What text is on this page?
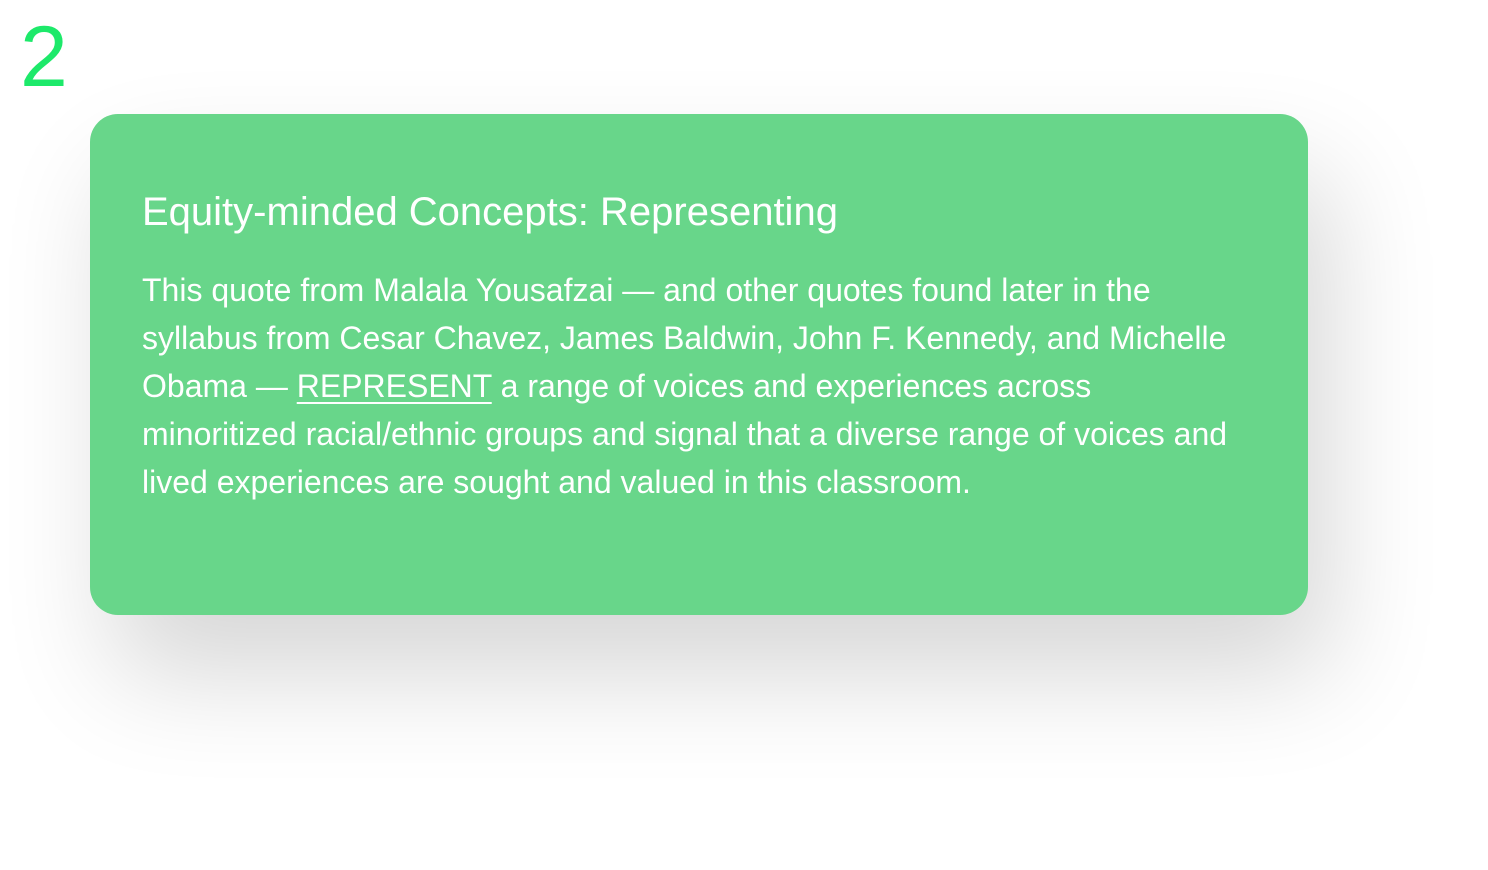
2
Equity-minded Concepts: Representing

This quote from Malala Yousafzai — and other quotes found later in the syllabus from Cesar Chavez, James Baldwin, John F. Kennedy, and Michelle Obama — REPRESENT a range of voices and experiences across minoritized racial/ethnic groups and signal that a diverse range of voices and lived experiences are sought and valued in this classroom.
